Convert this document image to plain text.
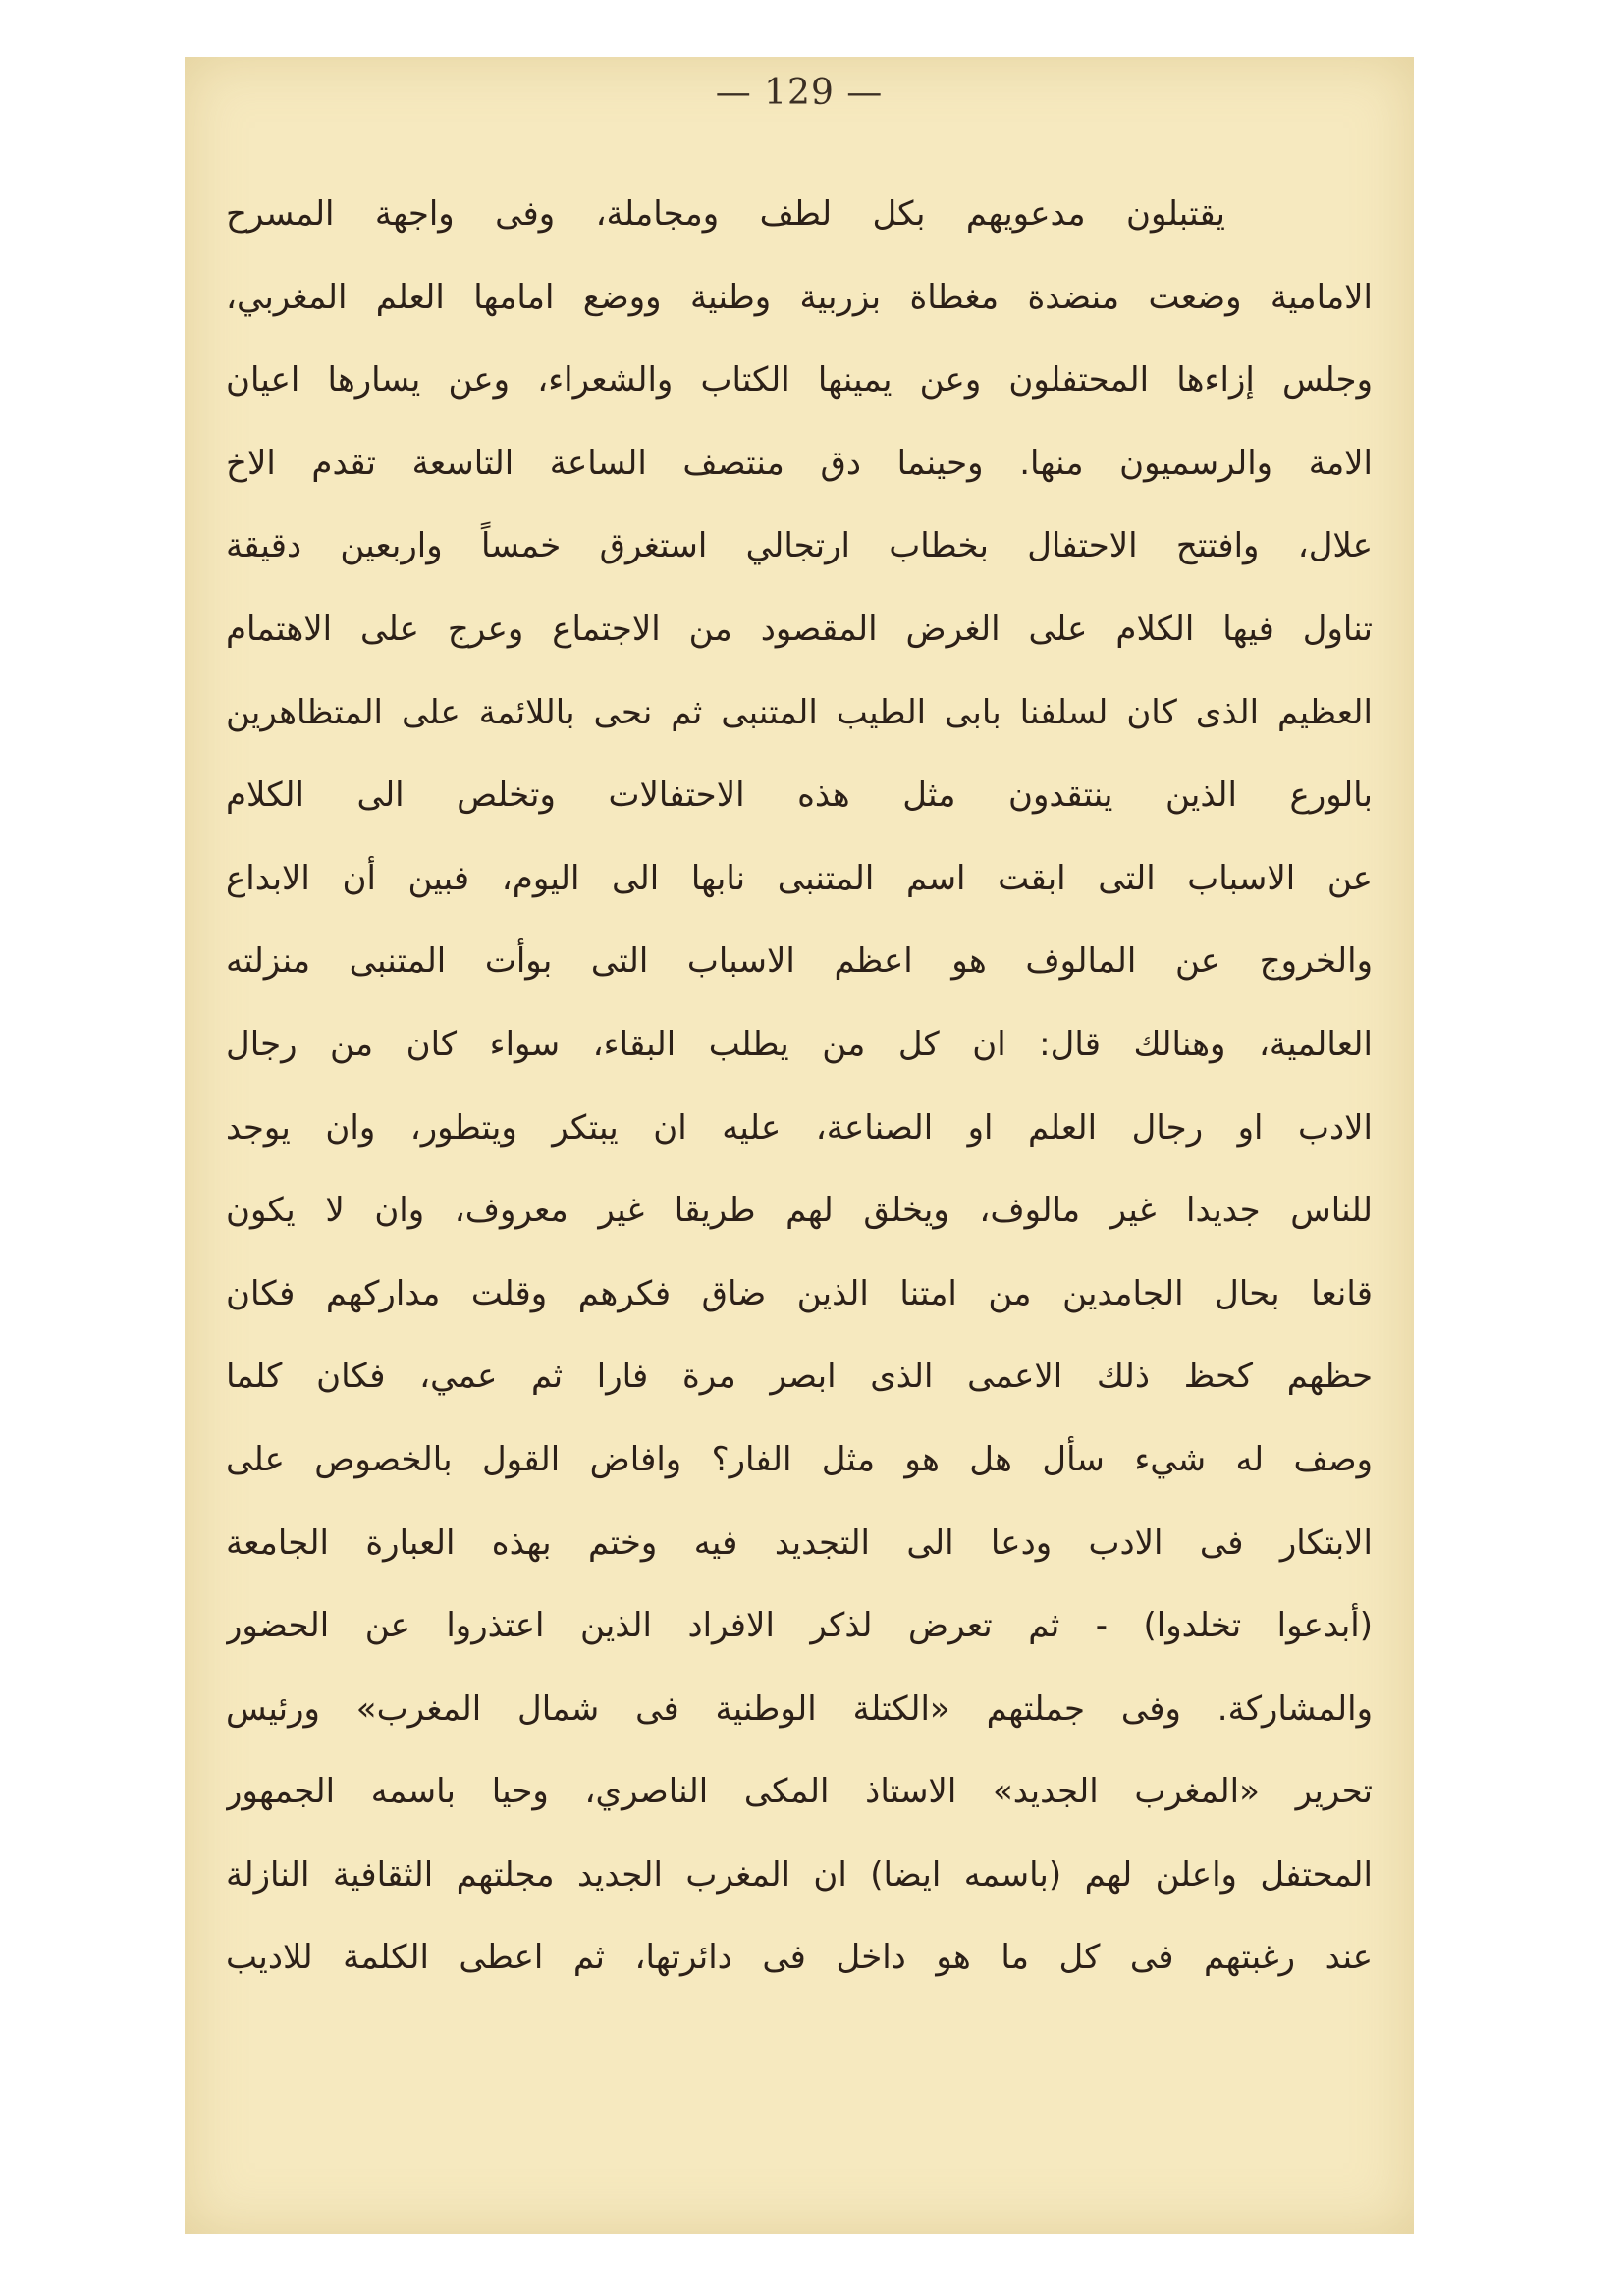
— 129 —
يقتبلون مدعويهم بكل لطف ومجاملة، وفى واجهة المسرح
الامامية وضعت منضدة مغطاة بزربية وطنية ووضع امامها العلم المغربي،
وجلس إزاءها المحتفلون وعن يمينها الكتاب والشعراء، وعن يسارها اعيان
الامة والرسميون منها. وحينما دق منتصف الساعة التاسعة تقدم الاخ
علال، وافتتح الاحتفال بخطاب ارتجالي استغرق خمساً واربعين دقيقة
تناول فيها الكلام على الغرض المقصود من الاجتماع وعرج على الاهتمام
العظيم الذى كان لسلفنا بابى الطيب المتنبى ثم نحى باللائمة على المتظاهرين
بالورع الذين ينتقدون مثل هذه الاحتفالات وتخلص الى الكلام
عن الاسباب التى ابقت اسم المتنبى نابها الى اليوم، فبين أن الابداع
والخروج عن المالوف هو اعظم الاسباب التى بوأت المتنبى منزلته
العالمية، وهنالك قال: ان كل من يطلب البقاء، سواء كان من رجال
الادب او رجال العلم او الصناعة، عليه ان يبتكر ويتطور، وان يوجد
للناس جديدا غير مالوف، ويخلق لهم طريقا غير معروف، وان لا يكون
قانعا بحال الجامدين من امتنا الذين ضاق فكرهم وقلت مداركهم فكان
حظهم كحظ ذلك الاعمى الذى ابصر مرة فارا ثم عمي، فكان كلما
وصف له شيء سأل هل هو مثل الفار؟ وافاض القول بالخصوص على
الابتكار فى الادب ودعا الى التجديد فيه وختم بهذه العبارة الجامعة
(أبدعوا تخلدوا) - ثم تعرض لذكر الافراد الذين اعتذروا عن الحضور
والمشاركة. وفى جملتهم «الكتلة الوطنية فى شمال المغرب» ورئيس
تحرير «المغرب الجديد» الاستاذ المكى الناصري، وحيا باسمه الجمهور
المحتفل واعلن لهم (باسمه ايضا) ان المغرب الجديد مجلتهم الثقافية النازلة
عند رغبتهم فى كل ما هو داخل فى دائرتها، ثم اعطى الكلمة للاديب
